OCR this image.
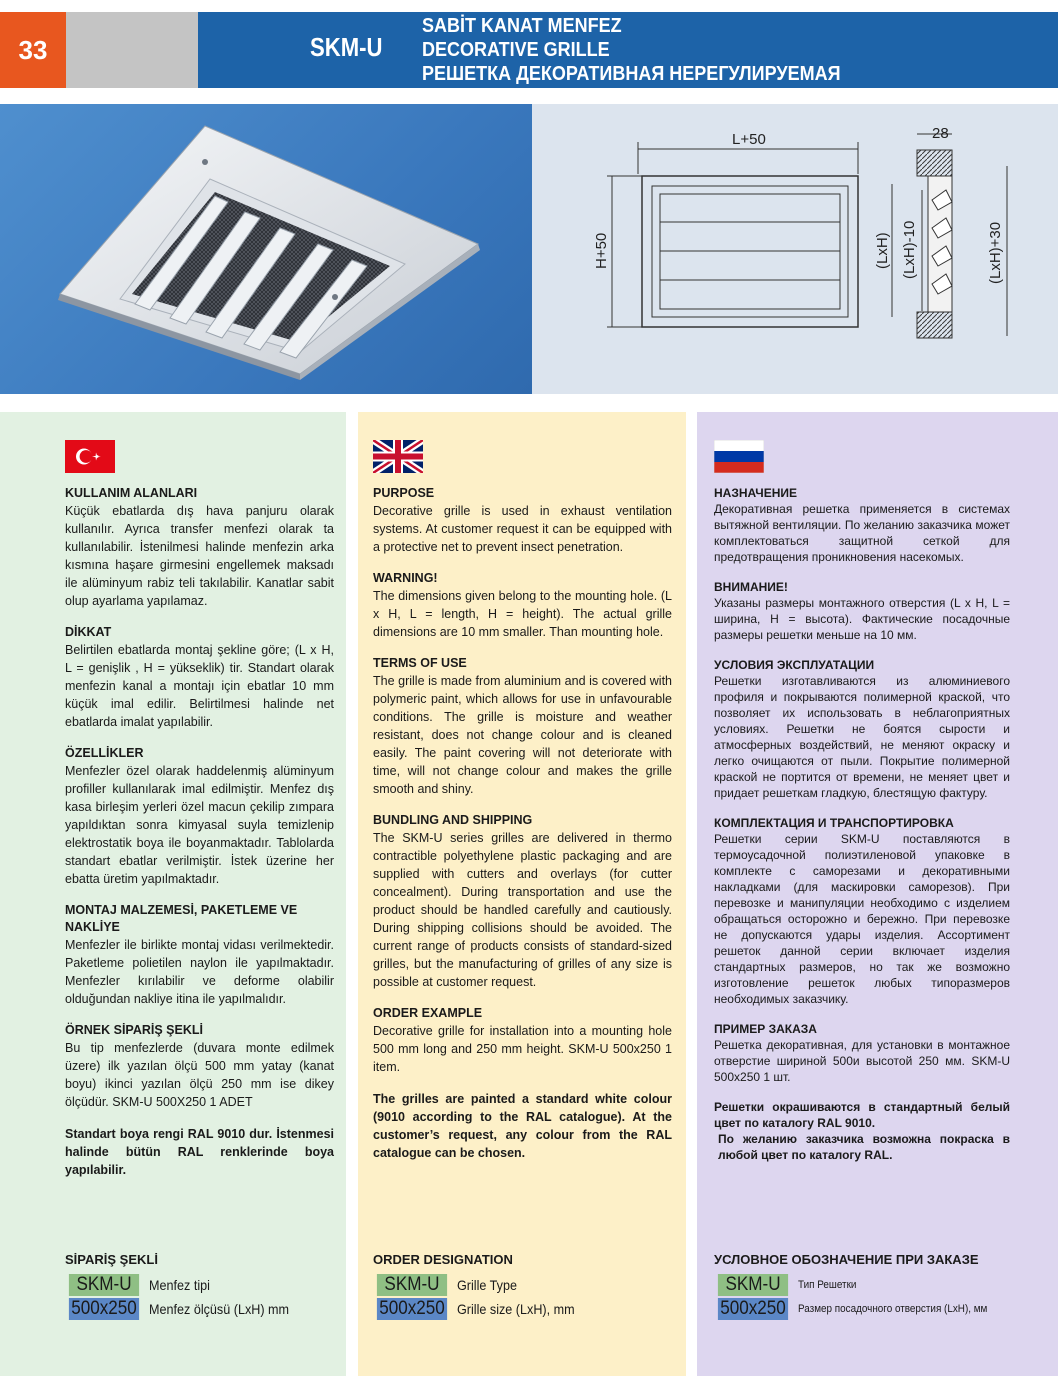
33	SKM-U
SABİT KANAT MENFEZ
DECORATIVE GRILLE
РЕШЕТКА ДЕКОРАТИВНАЯ НЕРЕГУЛИРУЕМАЯ
L+50	28
H+50	(LxH) (LxH)-10	(LxH)+30
KULLANIM ALANLARI
Küçük ebatlarda dış hava panjuru olarak kullanılır. Ayrıca transfer menfezi olarak ta kullanılabilir. İstenilmesi halinde menfezin arka kısmına haşare girmesini engellemek maksadı ile alüminyum rabiz teli takılabilir. Kanatlar sabit olup ayarlama yapılamaz.
DİKKAT
Belirtilen ebatlarda montaj şekline göre; (L x H, L = genişlik , H = yükseklik) tir. Standart olarak menfezin kanal a montajı için ebatlar 10 mm küçük imal edilir. Belirtilmesi halinde net ebatlarda imalat yapılabilir.
ÖZELLİKLER
Menfezler özel olarak haddelenmiş alüminyum profiller kullanılarak imal edilmiştir. Menfez dış kasa birleşim yerleri özel macun çekilip zımpara yapıldıktan sonra kimyasal suyla temizlenip elektrostatik boya ile boyanmaktadır. Tablolarda standart ebatlar verilmiştir. İstek üzerine her ebatta üretim yapılmaktadır.
MONTAJ MALZEMESİ, PAKETLEME VE NAKLİYE
Menfezler ile birlikte montaj vidası verilmektedir. Paketleme polietilen naylon ile yapılmaktadır. Menfezler kırılabilir ve deforme olabilir olduğundan nakliye itina ile yapılmalıdır.
ÖRNEK SİPARİŞ ŞEKLİ
Bu tip menfezlerde (duvara monte edilmek üzere) ilk yazılan ölçü 500 mm yatay (kanat boyu) ikinci yazılan ölçü 250 mm ise dikey ölçüdür. SKM-U 500X250 1 ADET
Standart boya rengi RAL 9010 dur. İstenmesi halinde bütün RAL renklerinde boya yapılabilir.
PURPOSE
Decorative grille is used in exhaust ventilation systems. At customer request it can be equipped with a protective net to prevent insect penetration.
WARNING!
The dimensions given belong to the mounting hole. (L x H, L = length, H = height). The actual grille dimensions are 10 mm smaller. Than mounting hole.
TERMS OF USE
The grille is made from aluminium and is covered with polymeric paint, which allows for use in unfavourable conditions. The grille is moisture and weather resistant, does not change colour and is cleaned easily. The paint covering will not deteriorate with time, will not change colour and makes the grille smooth and shiny.
BUNDLING AND SHIPPING
The SKM-U series grilles are delivered in thermo contractible polyethylene plastic packaging and are supplied with cutters and overlays (for cutter concealment). During transportation and use the product should be handled carefully and cautiously. During shipping collisions should be avoided. The current range of products consists of standard-sized grilles, but the manufacturing of grilles of any size is possible at customer request.
ORDER EXAMPLE
Decorative grille for installation into a mounting hole 500 mm long and 250 mm height. SKM-U 500x250 1 item.
The grilles are painted a standard white colour (9010 according to the RAL catalogue). At the customer’s request, any colour from the RAL catalogue can be chosen.
НАЗНАЧЕНИЕ
Декоративная решетка применяется в системах вытяжной вентиляции. По желанию заказчика может комплектоваться защитной сеткой для предотвращения проникновения насекомых.
ВНИМАНИЕ!
Указаны размеры монтажного отверстия (L x H, L = ширина, H = высота). Фактические посадочные размеры решетки меньше на 10 мм.
УСЛОВИЯ ЭКСПЛУАТАЦИИ
Решетки изготавливаются из алюминиевого профиля и покрываются полимерной краской, что позволяет их использовать в неблагоприятных условиях. Решетки не боятся сырости и атмосферных воздействий, не меняют окраску и легко очищаются от пыли. Покрытие полимерной краской не портится от времени, не меняет цвет и придает решеткам гладкую, блестящую фактуру.
КОМПЛЕКТАЦИЯ И ТРАНСПОРТИРОВКА
Решетки серии SKM-U поставляются в термоусадочной полиэтиленовой упаковке в комплекте с саморезами и декоративными накладками (для маскировки саморезов). При перевозке и манипуляции необходимо с изделием обращаться осторожно и бережно. При перевозке не допускаются удары изделия. Ассортимент решеток данной серии включает изделия стандартных размеров, но так же возможно изготовление решеток любых типоразмеров необходимых заказчику.
ПРИМЕР ЗАКАЗА
Решетка декоративная, для установки в монтажное отверстие шириной 500и высотой 250 мм. SKM-U 500x250 1 шт.
Решетки окрашиваются в стандартный белый цвет по каталогу RAL 9010.
По желанию заказчика возможна покраска в любой цвет по каталогу RAL.
SİPARİŞ ŞEKLİ
SKM-U	Menfez tipi
500x250 Menfez ölçüsü (LxH) mm
ORDER DESIGNATION
SKM-U	Grille Type
500x250 Grille size (LxH), mm
УСЛОВНОЕ ОБОЗНАЧЕНИЕ ПРИ ЗАКАЗЕ
SKM-U	Тип Решетки
500x250 Размер посадочного отверстия (LxH), мм
